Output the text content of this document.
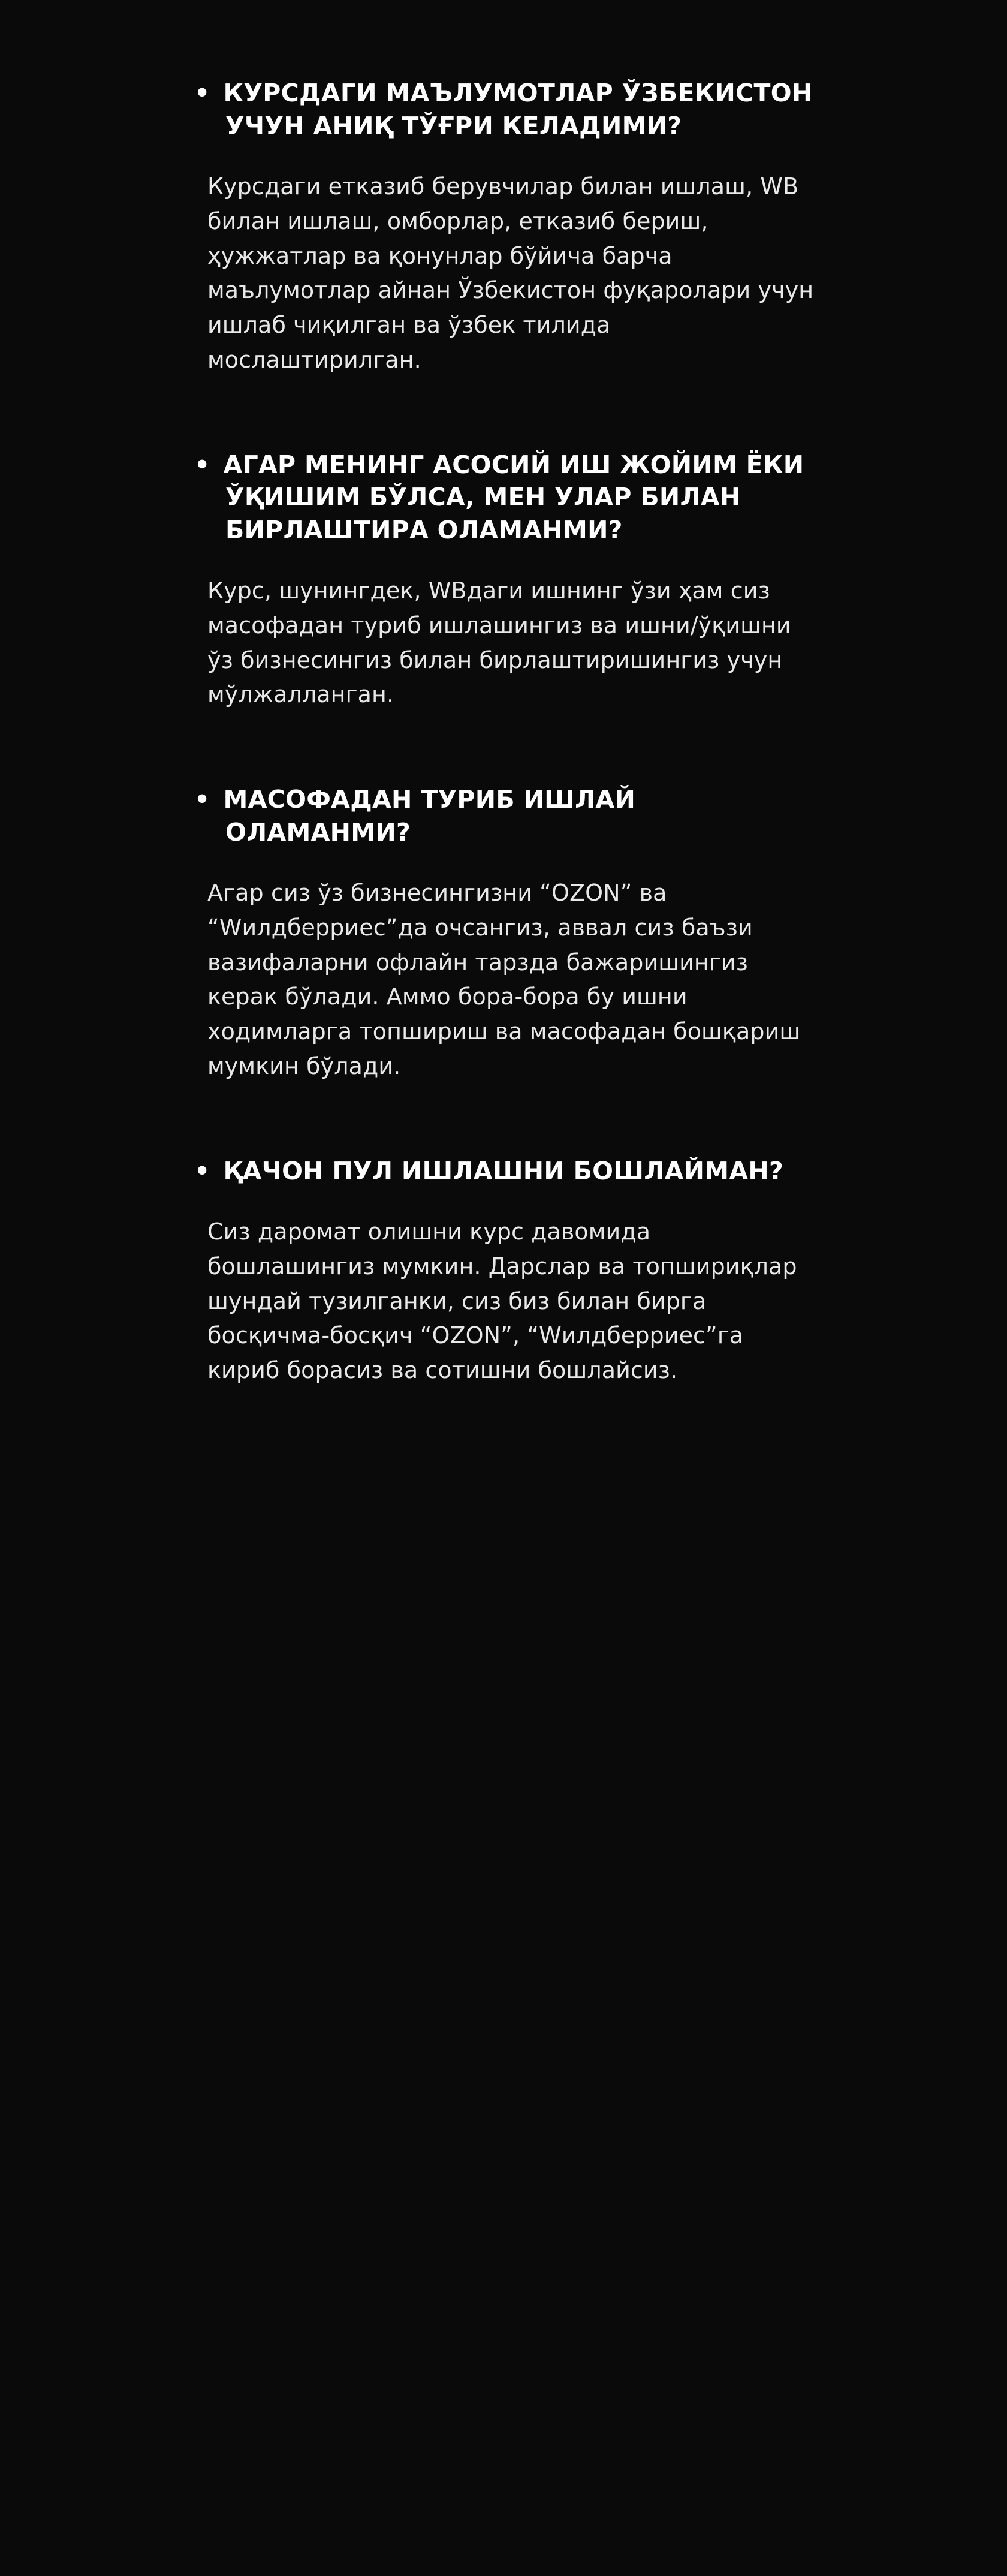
• КУРСДАГИ МАЪЛУМОТЛАР ЎЗБЕКИСТОН УЧУН АНИҚ ТЎҒРИ КЕЛАДИМИ?

Курсдаги етказиб берувчилар билан ишлаш, WB билан ишлаш, омборлар, етказиб бериш, ҳужжатлар ва қонунлар бўйича барча маълумотлар айнан Ўзбекистон фуқаролари учун ишлаб чиқилган ва ўзбек тилида мослаштирилган.

• АГАР МЕНИНГ АСОСИЙ ИШ ЖОЙИМ ЁКИ ЎҚИШИМ БЎЛСА, МЕН УЛАР БИЛАН БИРЛАШТИРА ОЛАМАНМИ?

Курс, шунингдек, WBдаги ишнинг ўзи ҳам сиз масофадан туриб ишлашингиз ва ишни/ўқишни ўз бизнесингиз билан бирлаштиришингиз учун мўлжалланган.

• МАСОФАДАН ТУРИБ ИШЛАЙ ОЛАМАНМИ?

Агар сиз ўз бизнесингизни “OZON” ва “Wилдберриес”да очсангиз, аввал сиз баъзи вазифаларни офлайн тарзда бажаришингиз керак бўлади. Аммо бора-бора бу ишни ходимларга топшириш ва масофадан бошқариш мумкин бўлади.

• ҚАЧОН ПУЛ ИШЛАШНИ БОШЛАЙМАН?

Сиз даромат олишни курс давомида бошлашингиз мумкин. Дарслар ва топшириқлар шундай тузилганки, сиз биз билан бирга босқичма-босқич “OZON”, “Wилдберриес”га кириб борасиз ва сотишни бошлайсиз.
